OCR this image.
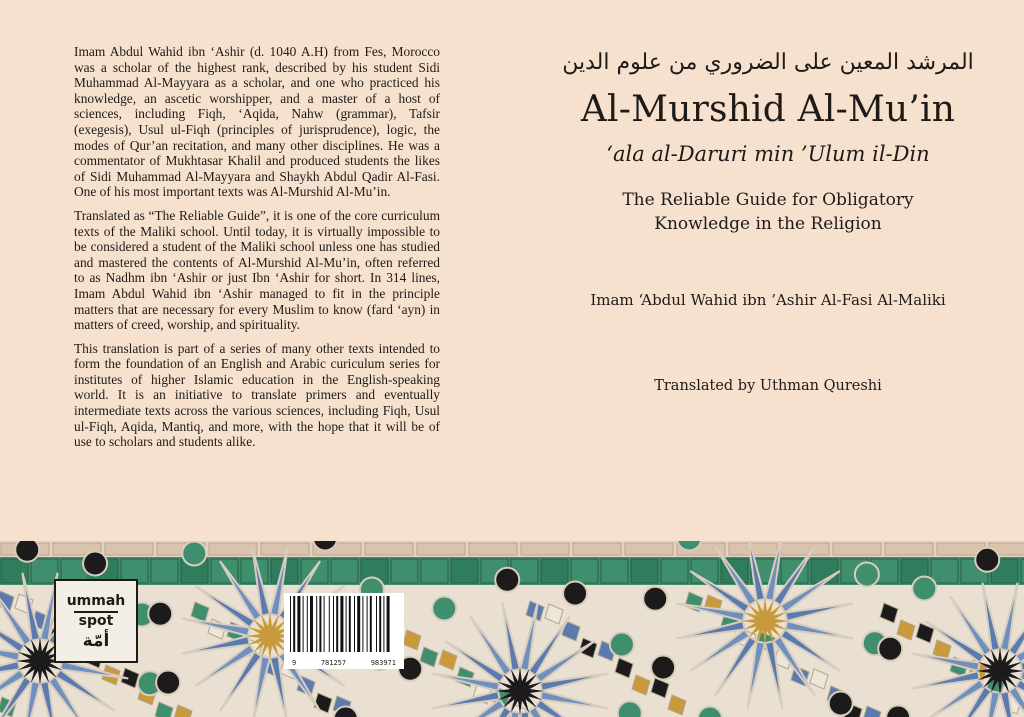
Imam Abdul Wahid ibn ‘Ashir (d. 1040 A.H) from Fes, Morocco was a scholar of the highest rank, described by his student Sidi Muhammad Al-Mayyara as a scholar, and one who practiced his knowledge, an ascetic worshipper, and a master of a host of sciences, including Fiqh, ‘Aqida, Nahw (grammar), Tafsir (exegesis), Usul ul-Fiqh (principles of jurisprudence), logic, the modes of Qur’an recitation, and many other disciplines. He was a commentator of Mukhtasar Khalil and produced students the likes of Sidi Muhammad Al-Mayyara and Shaykh Abdul Qadir Al-Fasi. One of his most important texts was Al-Murshid Al-Mu’in.

Translated as “The Reliable Guide”, it is one of the core curriculum texts of the Maliki school. Until today, it is virtually impossible to be considered a student of the Maliki school unless one has studied and mastered the contents of Al-Murshid Al-Mu’in, often referred to as Nadhm ibn ‘Ashir or just Ibn ‘Ashir for short. In 314 lines, Imam Abdul Wahid ibn ‘Ashir managed to fit in the principle matters that are necessary for every Muslim to know (fard ‘ayn) in matters of creed, worship, and spirituality.

This translation is part of a series of many other texts intended to form the foundation of an English and Arabic curiculum series for institutes of higher Islamic education in the English-speaking world. It is an initiative to translate primers and eventually intermediate texts across the various sciences, including Fiqh, Usul ul-Fiqh, Aqida, Mantiq, and more, with the hope that it will be of use to scholars and students alike.

المرشد المعين على الضروري من علوم الدين
Al-Murshid Al-Mu’in
‘ala al-Daruri min ’Ulum il-Din
The Reliable Guide for Obligatory Knowledge in the Religion
Imam ‘Abdul Wahid ibn ’Ashir Al-Fasi Al-Maliki
Translated by Uthman Qureshi
ummah
spot
أمّة
9	781257	983971
